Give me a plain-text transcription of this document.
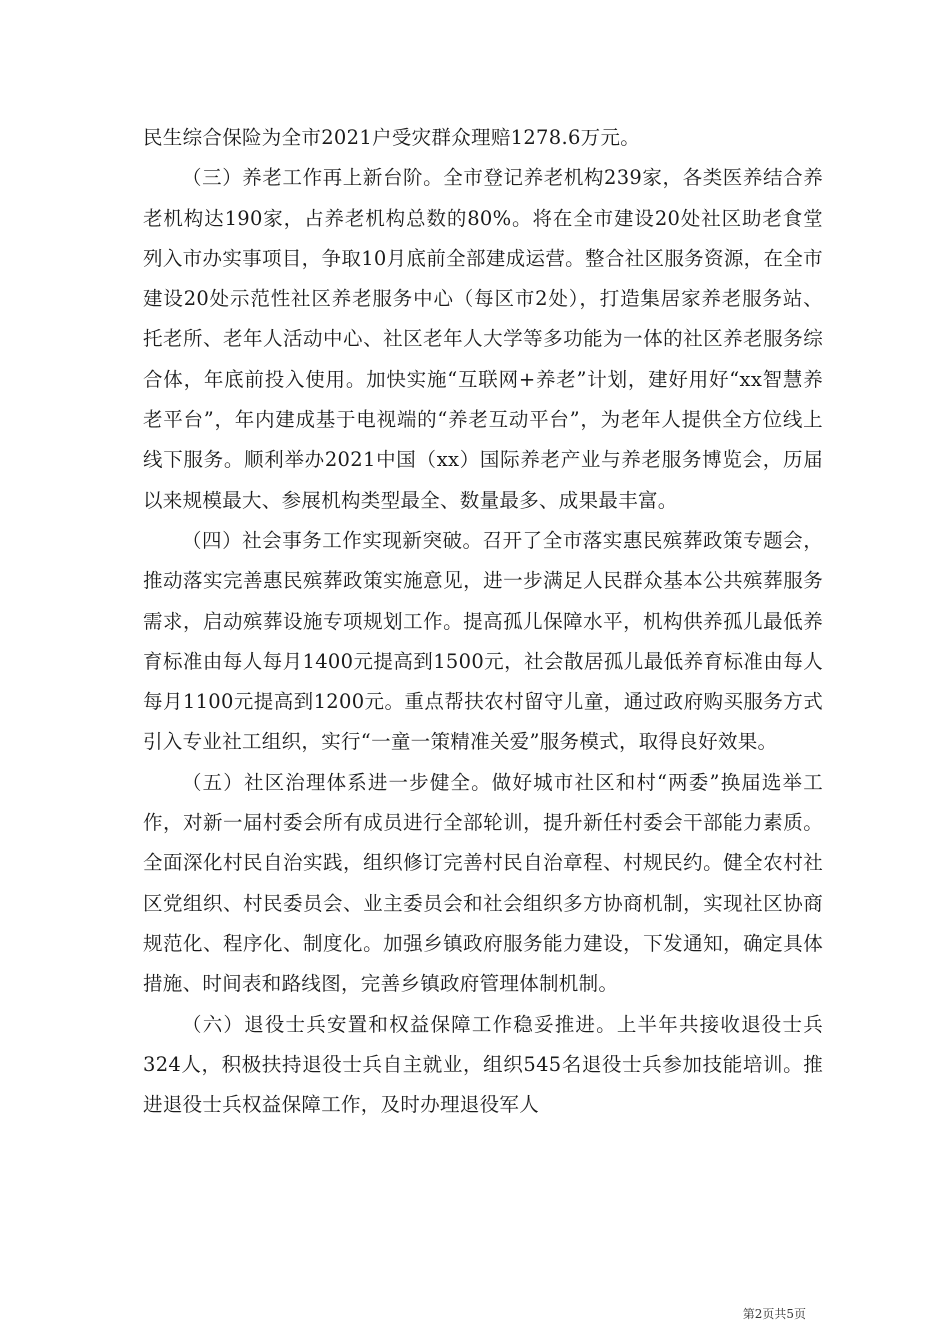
民生综合保险为全市2021户受灾群众理赔1278.6万元。

（三）养老工作再上新台阶。全市登记养老机构239家，各类医养结合养老机构达190家，占养老机构总数的80%。将在全市建设20处社区助老食堂列入市办实事项目，争取10月底前全部建成运营。整合社区服务资源，在全市建设20处示范性社区养老服务中心（每区市2处），打造集居家养老服务站、托老所、老年人活动中心、社区老年人大学等多功能为一体的社区养老服务综合体，年底前投入使用。加快实施“互联网+养老”计划，建好用好“xx智慧养老平台”，年内建成基于电视端的“养老互动平台”，为老年人提供全方位线上线下服务。顺利举办2021中国（xx）国际养老产业与养老服务博览会，历届以来规模最大、参展机构类型最全、数量最多、成果最丰富。

（四）社会事务工作实现新突破。召开了全市落实惠民殡葬政策专题会，推动落实完善惠民殡葬政策实施意见，进一步满足人民群众基本公共殡葬服务需求，启动殡葬设施专项规划工作。提高孤儿保障水平，机构供养孤儿最低养育标准由每人每月1400元提高到1500元，社会散居孤儿最低养育标准由每人每月1100元提高到1200元。重点帮扶农村留守儿童，通过政府购买服务方式引入专业社工组织，实行“一童一策精准关爱”服务模式，取得良好效果。

（五）社区治理体系进一步健全。做好城市社区和村“两委”换届选举工作，对新一届村委会所有成员进行全部轮训，提升新任村委会干部能力素质。全面深化村民自治实践，组织修订完善村民自治章程、村规民约。健全农村社区党组织、村民委员会、业主委员会和社会组织多方协商机制，实现社区协商规范化、程序化、制度化。加强乡镇政府服务能力建设，下发通知，确定具体措施、时间表和路线图，完善乡镇政府管理体制机制。

（六）退役士兵安置和权益保障工作稳妥推进。上半年共接收退役士兵324人，积极扶持退役士兵自主就业，组织545名退役士兵参加技能培训。推进退役士兵权益保障工作，及时办理退役军人

第2页共5页
